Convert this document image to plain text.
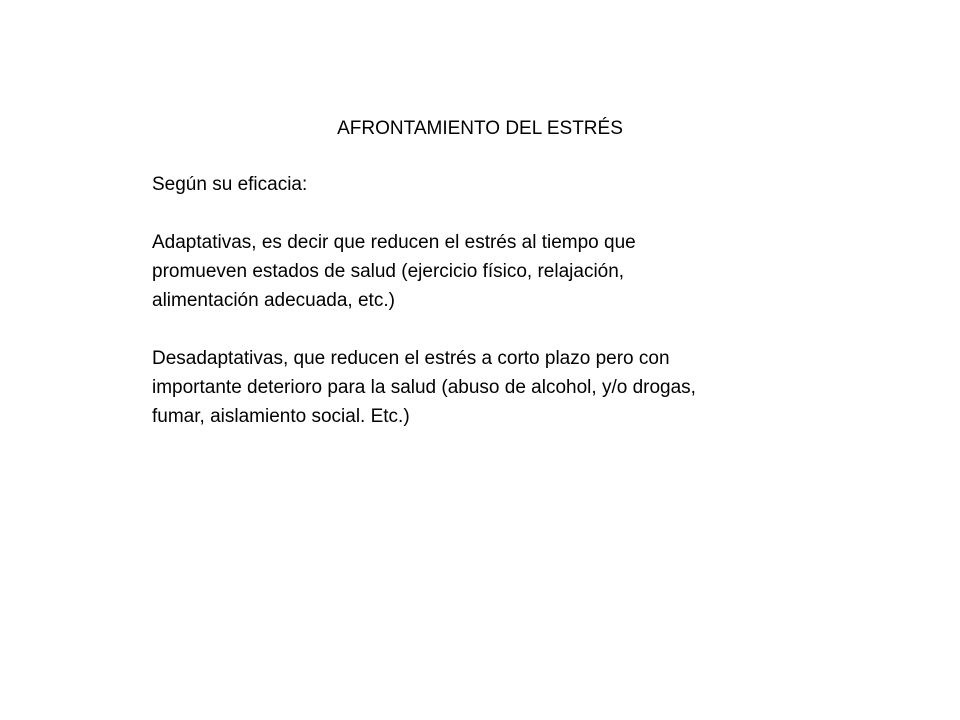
AFRONTAMIENTO DEL ESTRÉS

Según su eficacia:

Adaptativas, es decir que reducen el estrés al tiempo que
promueven estados de salud (ejercicio físico, relajación,
alimentación adecuada, etc.)

Desadaptativas, que reducen el estrés a corto plazo pero con
importante deterioro para la salud (abuso de alcohol, y/o drogas,
fumar, aislamiento social. Etc.)
